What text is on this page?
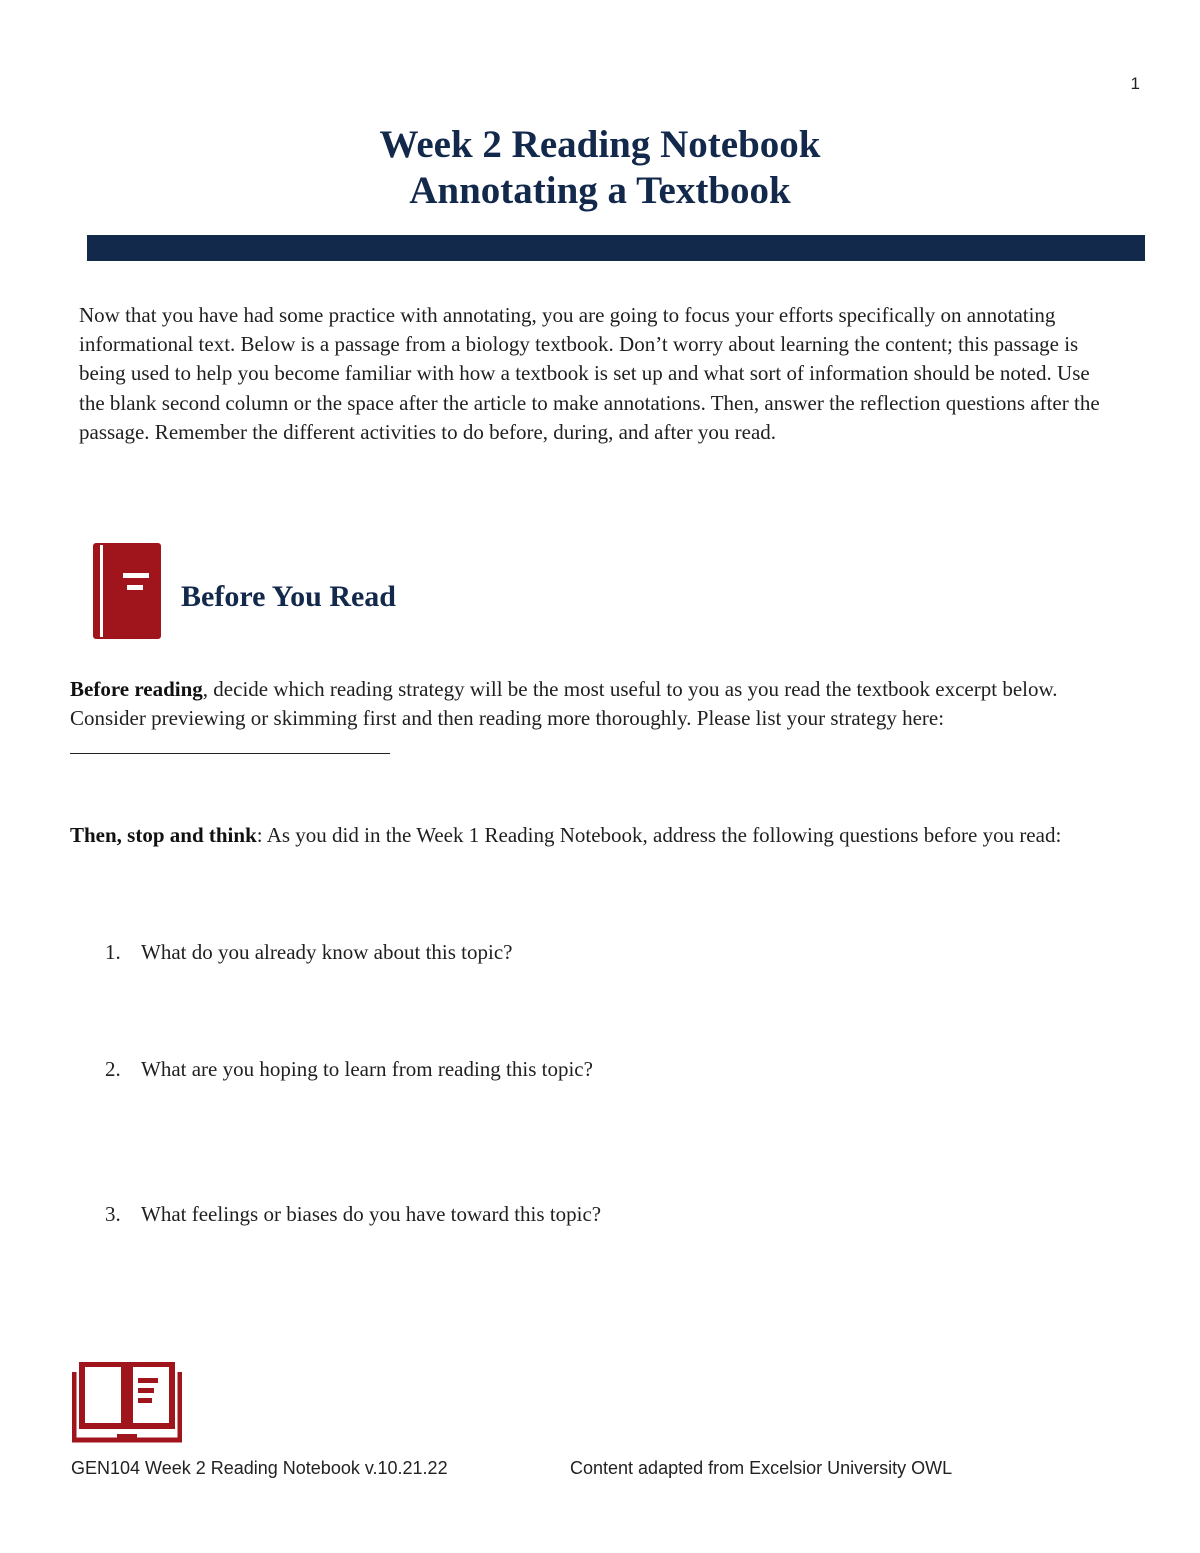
1
Week 2 Reading Notebook
Annotating a Textbook
Now that you have had some practice with annotating, you are going to focus your efforts specifically on annotating informational text. Below is a passage from a biology textbook. Don’t worry about learning the content; this passage is being used to help you become familiar with how a textbook is set up and what sort of information should be noted. Use the blank second column or the space after the article to make annotations. Then, answer the reflection questions after the passage. Remember the different activities to do before, during, and after you read.
Before You Read
Before reading, decide which reading strategy will be the most useful to you as you read the textbook excerpt below. Consider previewing or skimming first and then reading more thoroughly. Please list your strategy here:
Then, stop and think: As you did in the Week 1 Reading Notebook, address the following questions before you read:
1. What do you already know about this topic?
2. What are you hoping to learn from reading this topic?
3. What feelings or biases do you have toward this topic?
GEN104 Week 2 Reading Notebook v.10.21.22	Content adapted from Excelsior University OWL
